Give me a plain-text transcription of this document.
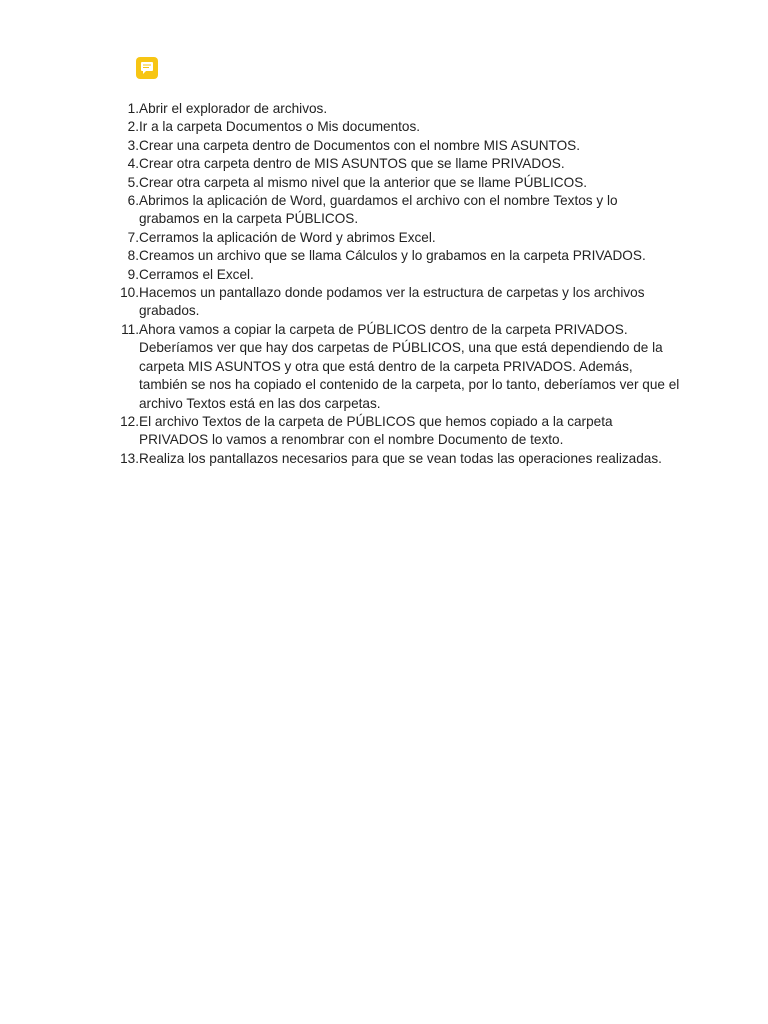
1. Abrir el explorador de archivos.
2. Ir a la carpeta Documentos o Mis documentos.
3. Crear una carpeta dentro de Documentos con el nombre MIS ASUNTOS.
4. Crear otra carpeta dentro de MIS ASUNTOS que se llame PRIVADOS.
5. Crear otra carpeta al mismo nivel que la anterior que se llame PÚBLICOS.
6. Abrimos la aplicación de Word, guardamos el archivo con el nombre Textos y lo grabamos en la carpeta PÚBLICOS.
7. Cerramos la aplicación de Word y abrimos Excel.
8. Creamos un archivo que se llama Cálculos y lo grabamos en la carpeta PRIVADOS.
9. Cerramos el Excel.
10. Hacemos un pantallazo donde podamos ver la estructura de carpetas y los archivos grabados.
11. Ahora vamos a copiar la carpeta de PÚBLICOS dentro de la carpeta PRIVADOS. Deberíamos ver que hay dos carpetas de PÚBLICOS, una que está dependiendo de la carpeta MIS ASUNTOS y otra que está dentro de la carpeta PRIVADOS. Además, también se nos ha copiado el contenido de la carpeta, por lo tanto, deberíamos ver que el archivo Textos está en las dos carpetas.
12. El archivo Textos de la carpeta de PÚBLICOS que hemos copiado a la carpeta PRIVADOS lo vamos a renombrar con el nombre Documento de texto.
13. Realiza los pantallazos necesarios para que se vean todas las operaciones realizadas.
